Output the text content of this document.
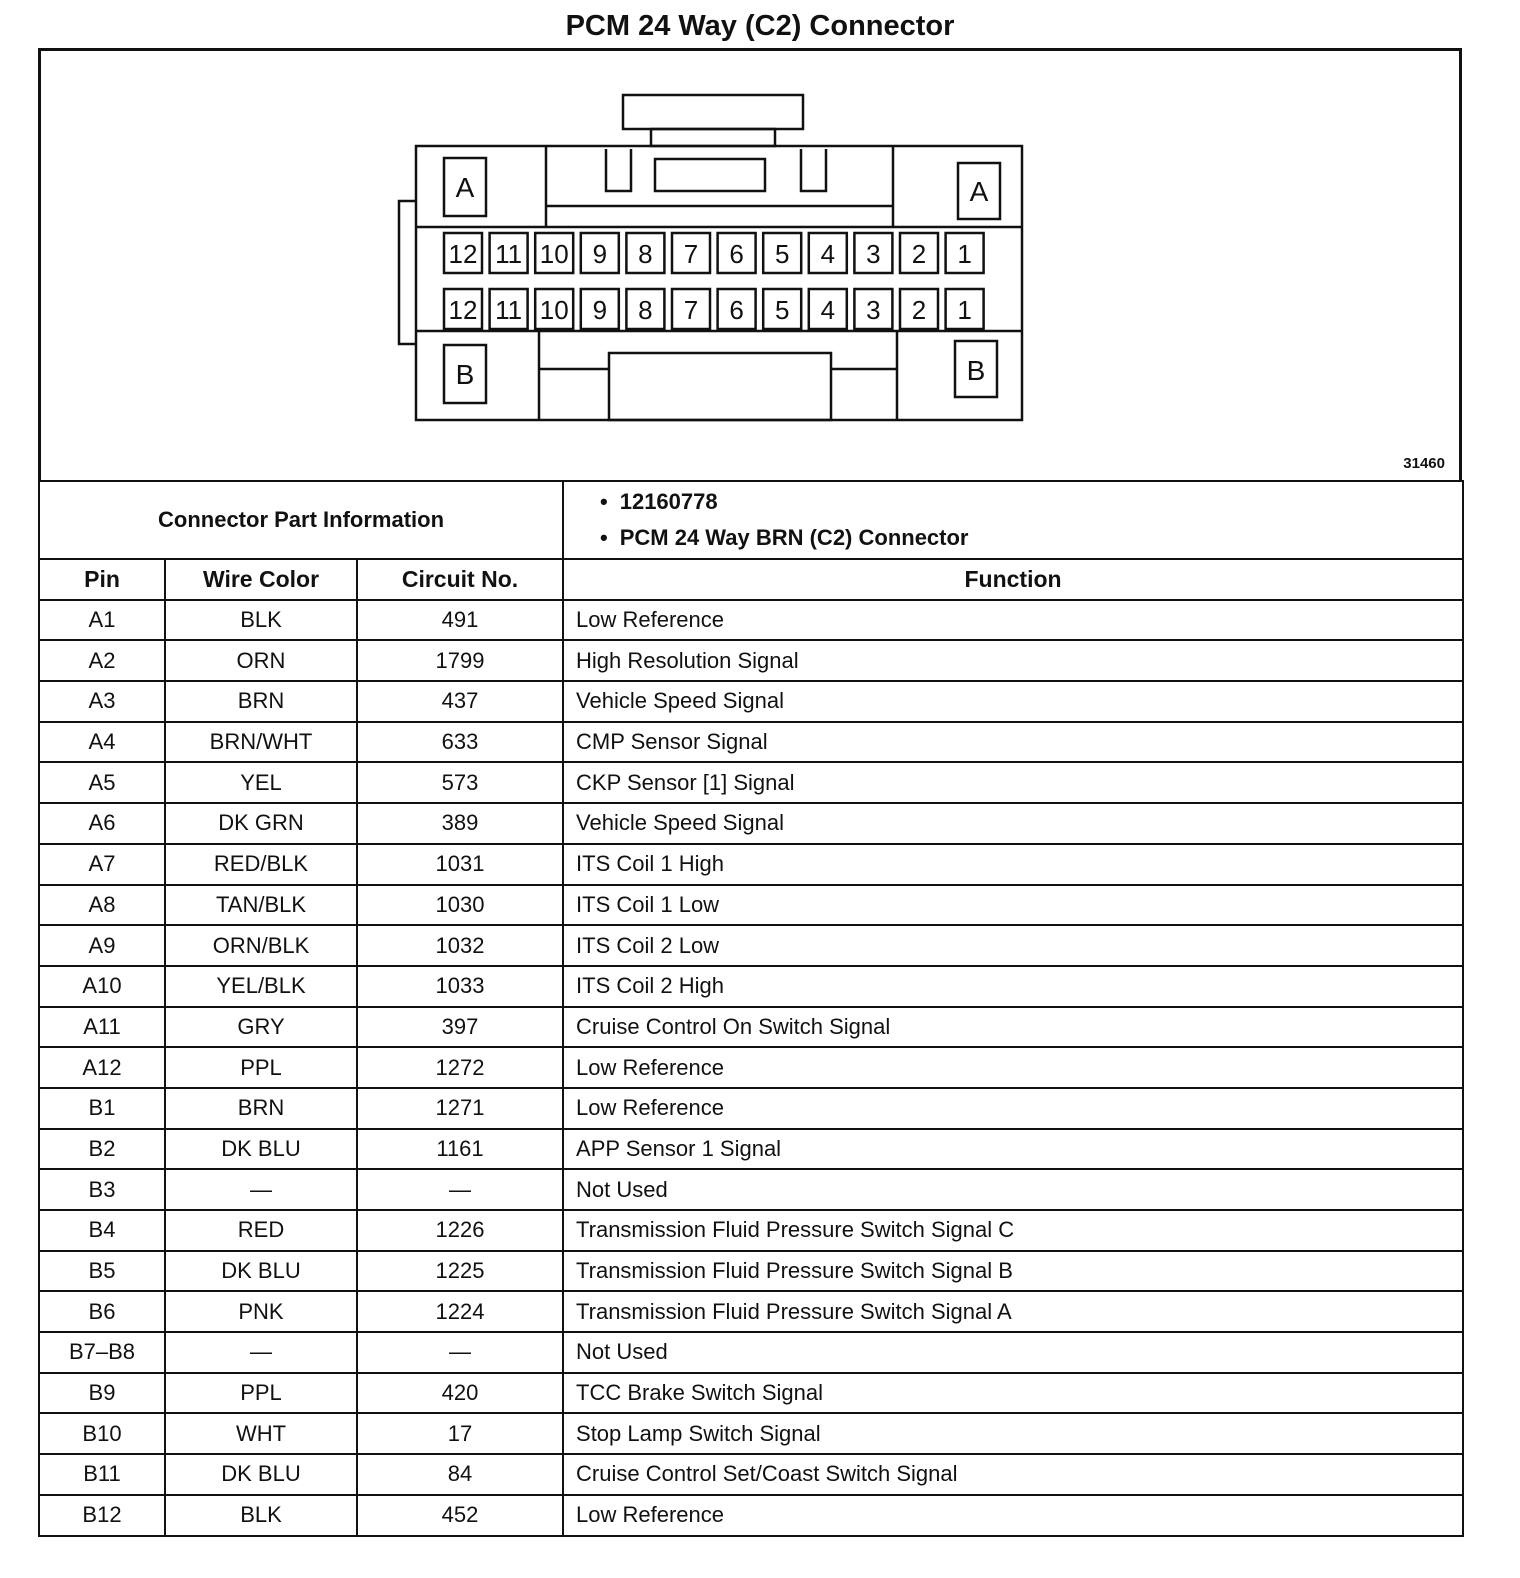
PCM 24 Way (C2) Connector
A	A
B	B
12 11 10 9 8 7 6 5 4 3 2 1
12 11 10 9 8 7 6 5 4 3 2 1
31460
Connector Part Information			• 12160778
• PCM 24 Way BRN (C2) Connector

Pin	Wire Color	Circuit No.	Function
A1	BLK	491	Low Reference
A2	ORN	1799	High Resolution Signal
A3	BRN	437	Vehicle Speed Signal
A4	BRN/WHT	633	CMP Sensor Signal
A5	YEL	573	CKP Sensor [1] Signal
A6	DK GRN	389	Vehicle Speed Signal
A7	RED/BLK	1031	ITS Coil 1 High
A8	TAN/BLK	1030	ITS Coil 1 Low
A9	ORN/BLK	1032	ITS Coil 2 Low
A10	YEL/BLK	1033	ITS Coil 2 High
A11	GRY	397	Cruise Control On Switch Signal
A12	PPL	1272	Low Reference
B1	BRN	1271	Low Reference
B2	DK BLU	1161	APP Sensor 1 Signal
B3	—	—	Not Used
B4	RED	1226	Transmission Fluid Pressure Switch Signal C
B5	DK BLU	1225	Transmission Fluid Pressure Switch Signal B
B6	PNK	1224	Transmission Fluid Pressure Switch Signal A
B7–B8	—	—	Not Used
B9	PPL	420	TCC Brake Switch Signal
B10	WHT	17	Stop Lamp Switch Signal
B11	DK BLU	84	Cruise Control Set/Coast Switch Signal
B12	BLK	452	Low Reference
